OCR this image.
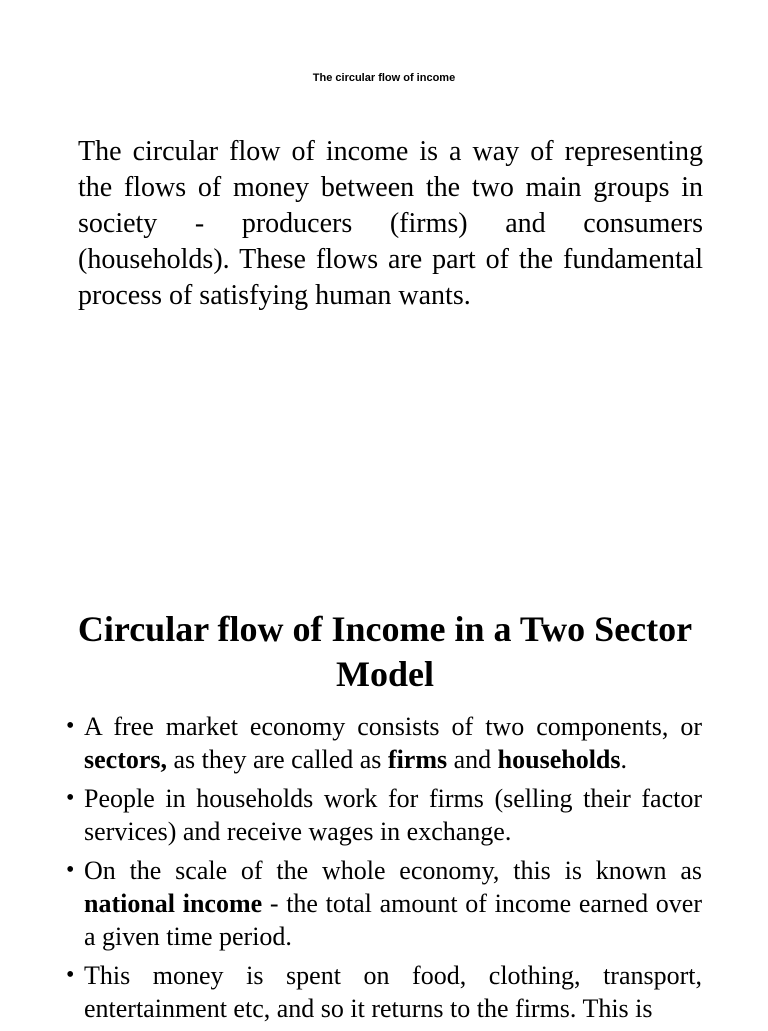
The circular flow of income

The circular flow of income is a way of representing the flows of money between the two main groups in society - producers (firms) and consumers (households). These flows are part of the fundamental process of satisfying human wants.

Circular flow of Income in a Two Sector Model
• A free market economy consists of two components, or sectors, as they are called as firms and households.
• People in households work for firms (selling their factor services) and receive wages in exchange.
• On the scale of the whole economy, this is known as national income - the total amount of income earned over a given time period.
• This money is spent on food, clothing, transport, entertainment etc, and so it returns to the firms. This is
